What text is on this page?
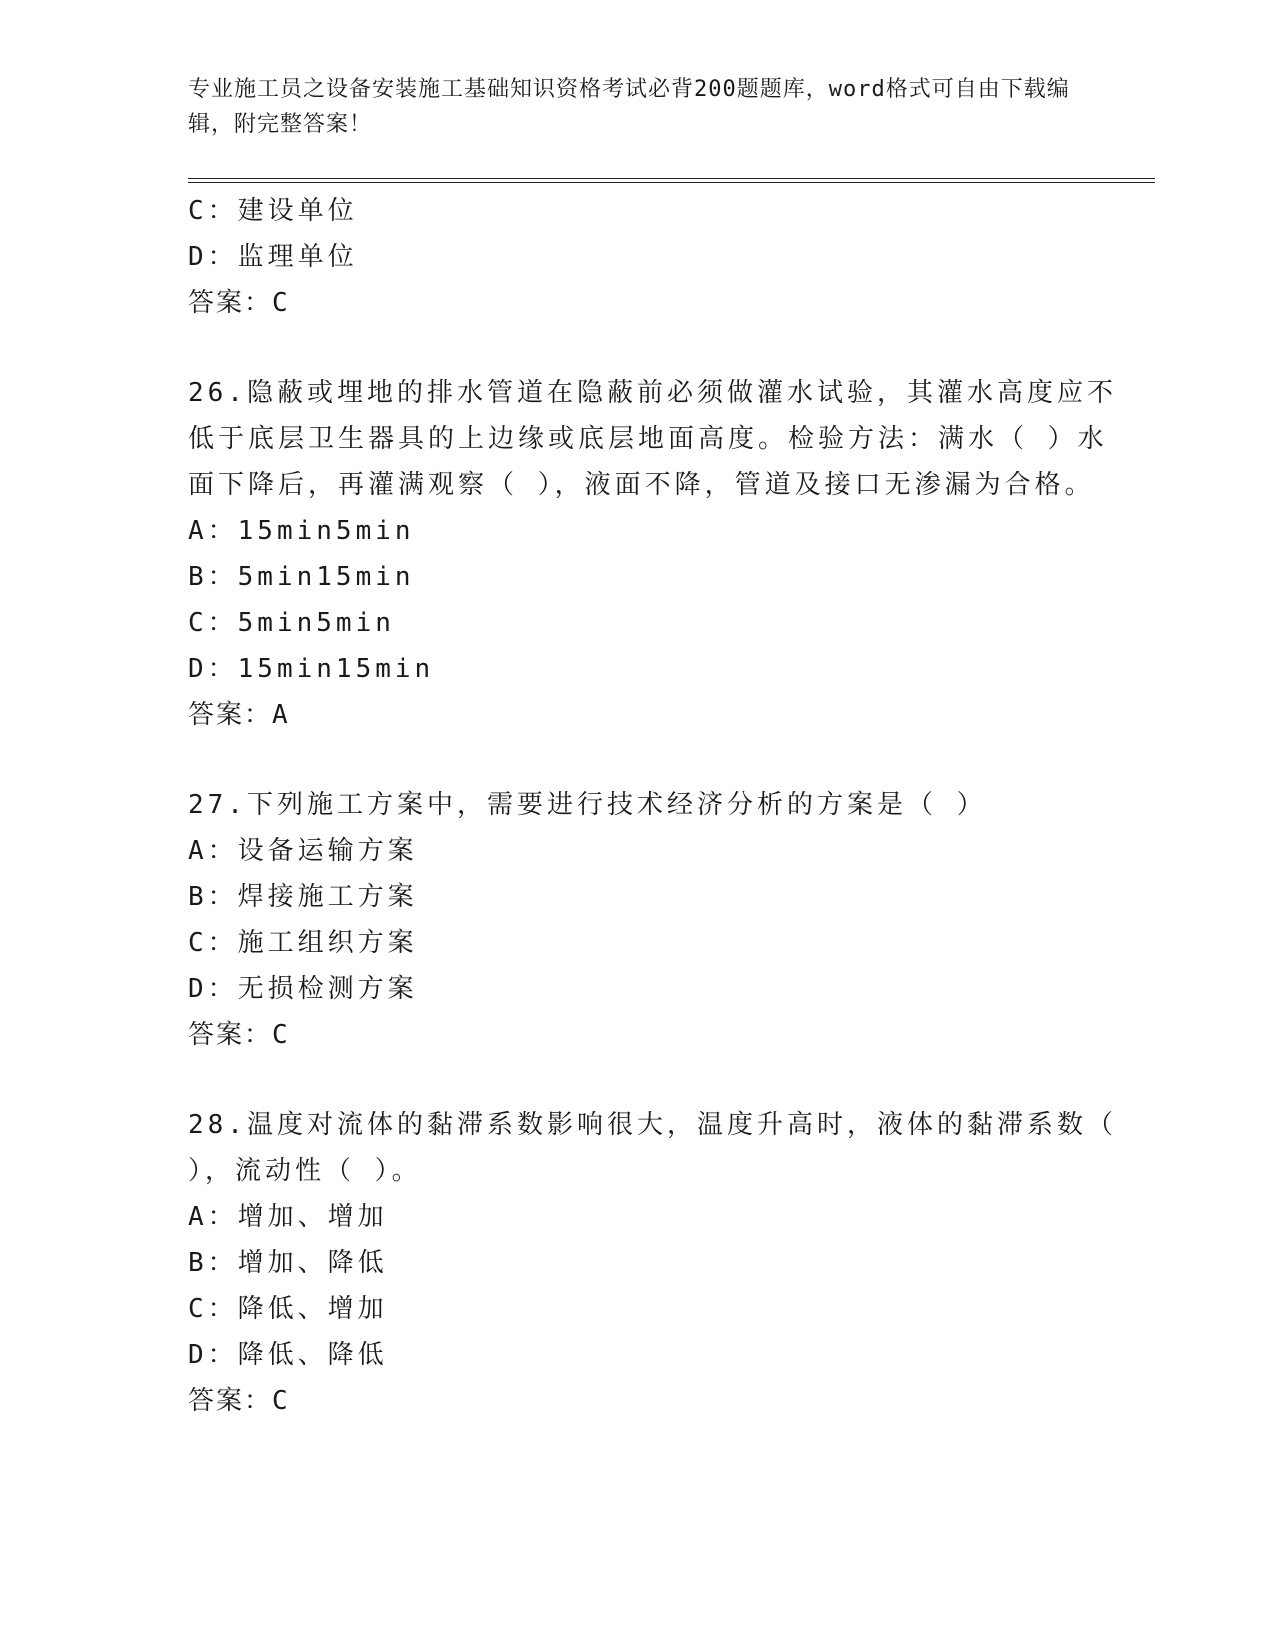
专业施工员之设备安装施工基础知识资格考试必背200题题库，word格式可自由下载编辑，附完整答案！
C：建设单位
D：监理单位
答案：C
26.隐蔽或埋地的排水管道在隐蔽前必须做灌水试验，其灌水高度应不
低于底层卫生器具的上边缘或底层地面高度。检验方法：满水（ ）水
面下降后，再灌满观察（ ），液面不降，管道及接口无渗漏为合格。
A：15min5min
B：5min15min
C：5min5min
D：15min15min
答案：A
27.下列施工方案中，需要进行技术经济分析的方案是（ ）
A：设备运输方案
B：焊接施工方案
C：施工组织方案
D：无损检测方案
答案：C
28.温度对流体的黏滞系数影响很大，温度升高时，液体的黏滞系数（
），流动性（ ）。
A：增加、增加
B：增加、降低
C：降低、增加
D：降低、降低
答案：C
